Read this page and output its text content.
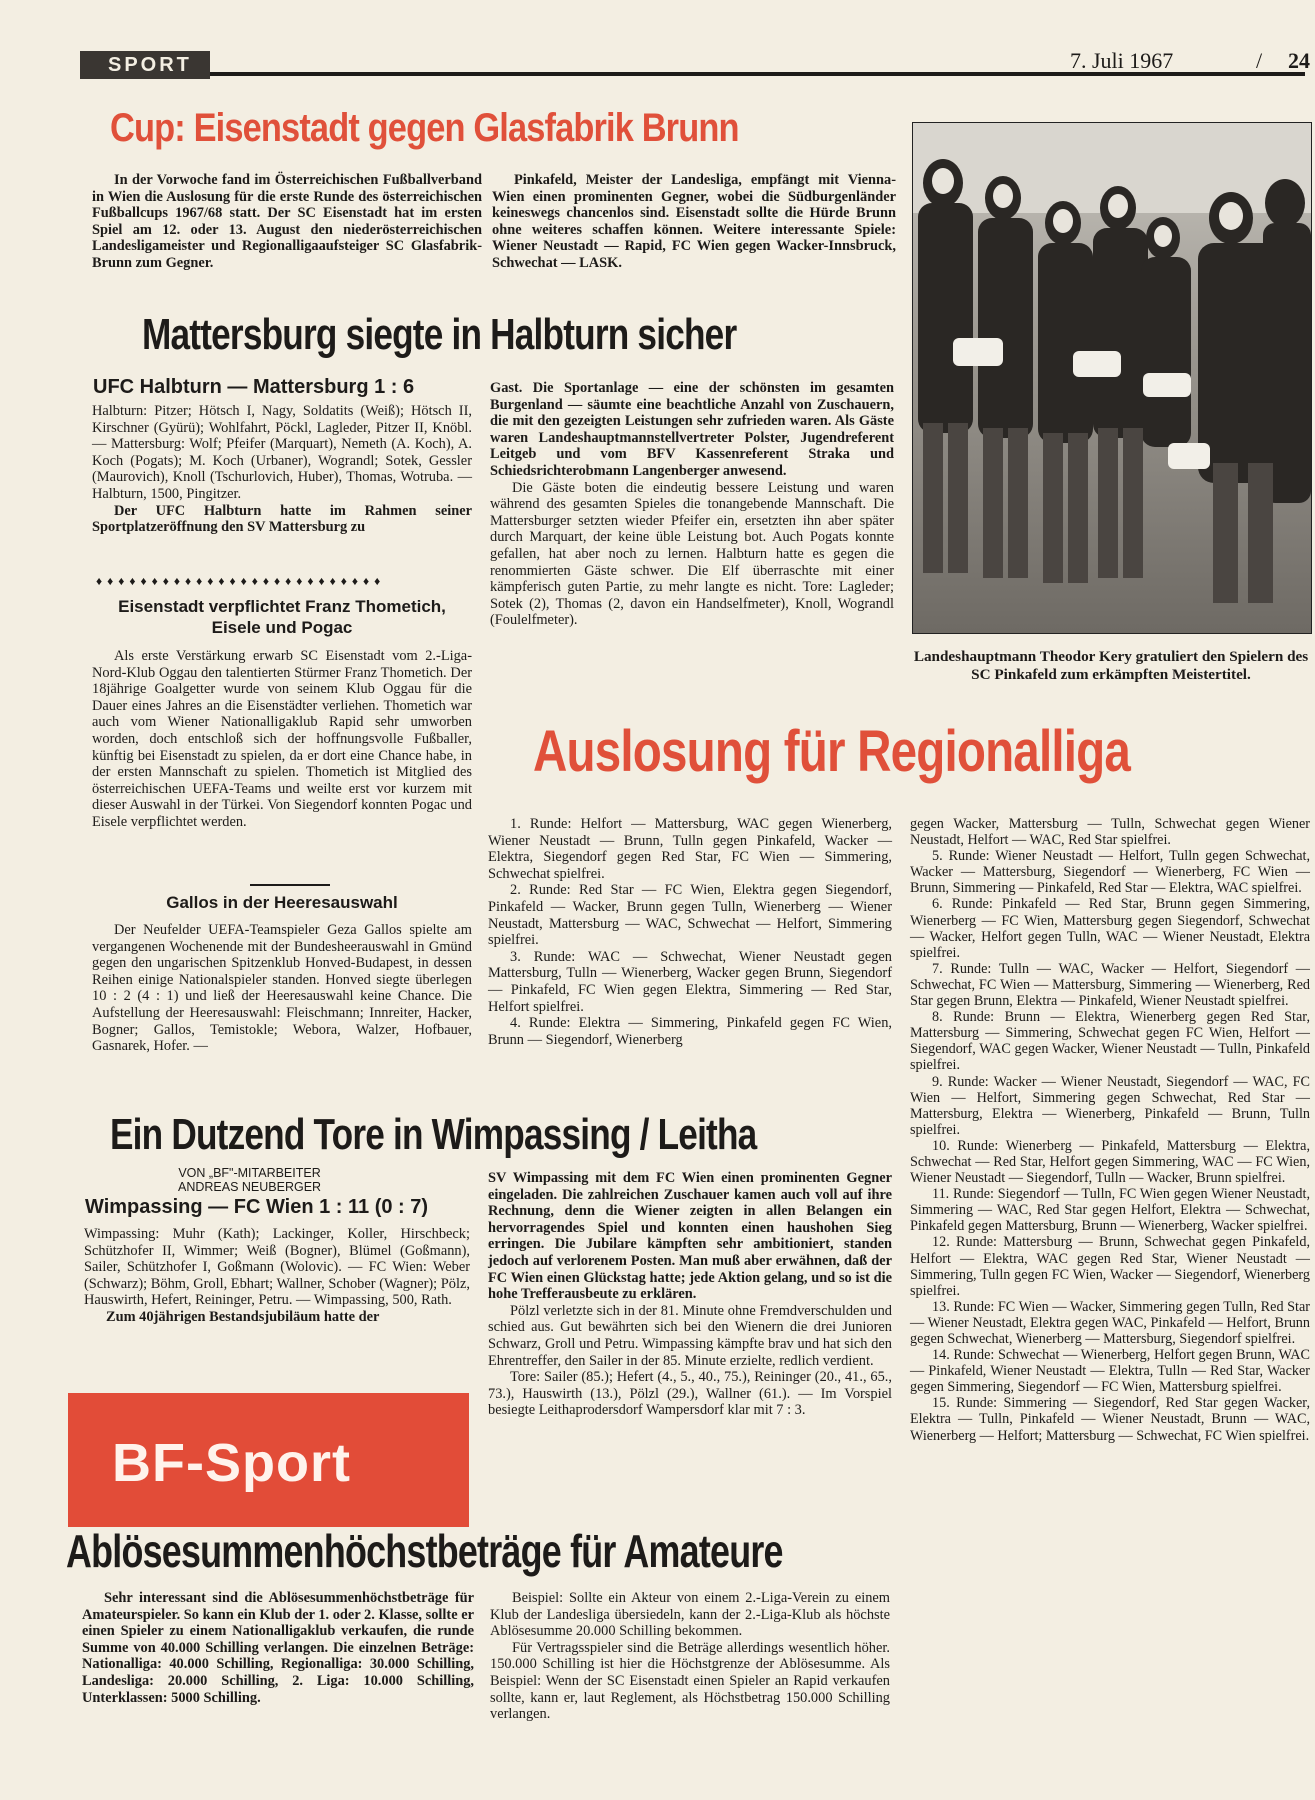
SPORT	7. Juli 1967	/ 24
Cup: Eisenstadt gegen Glasfabrik Brunn

In der Vorwoche fand im Österreichischen Fußballverband in Wien die Auslosung für die erste Runde des österreichischen Fußballcups 1967/68 statt. Der SC Eisenstadt hat im ersten Spiel am 12. oder 13. August den niederösterreichischen Landesligameister und Regionalligaaufsteiger SC Glasfabrik-Brunn zum Gegner.

Pinkafeld, Meister der Landesliga, empfängt mit Vienna-Wien einen prominenten Gegner, wobei die Südburgenländer keineswegs chancenlos sind. Eisenstadt sollte die Hürde Brunn ohne weiteres schaffen können. Weitere interessante Spiele: Wiener Neustadt — Rapid, FC Wien gegen Wacker-Innsbruck, Schwechat — LASK.

Landeshauptmann Theodor Kery gratuliert den Spielern des SC Pinkafeld zum erkämpften Meistertitel.
Mattersburg siegte in Halbturn sicher
UFC Halbturn — Mattersburg 1 : 6

Halbturn: Pitzer; Hötsch I, Nagy, Soldatits (Weiß); Hötsch II, Kirschner (Gyürü); Wohlfahrt, Pöckl, Lagleder, Pitzer II, Knöbl. — Mattersburg: Wolf; Pfeifer (Marquart), Nemeth (A. Koch), A. Koch (Pogats); M. Koch (Urbaner), Wograndl; Sotek, Gessler (Maurovich), Knoll (Tschurlovich, Huber), Thomas, Wotruba. — Halbturn, 1500, Pingitzer.

Der UFC Halbturn hatte im Rahmen seiner Sportplatzeröffnung den SV Mattersburg zu

♦♦♦♦♦♦♦♦♦♦♦♦♦♦♦♦♦♦♦♦♦♦♦♦♦♦

Gast. Die Sportanlage — eine der schönsten im gesamten Burgenland — säumte eine beachtliche Anzahl von Zuschauern, die mit den gezeigten Leistungen sehr zufrieden waren. Als Gäste waren Landeshauptmannstellvertreter Polster, Jugendreferent Leitgeb und vom BFV Kassenreferent Straka und Schiedsrichterobmann Langenberger anwesend.

Die Gäste boten die eindeutig bessere Leistung und waren während des gesamten Spieles die tonangebende Mannschaft. Die Mattersburger setzten wieder Pfeifer ein, ersetzten ihn aber später durch Marquart, der keine üble Leistung bot. Auch Pogats konnte gefallen, hat aber noch zu lernen. Halbturn hatte es gegen die renommierten Gäste schwer. Die Elf überraschte mit einer kämpferisch guten Partie, zu mehr langte es nicht. Tore: Lagleder; Sotek (2), Thomas (2, davon ein Handselfmeter), Knoll, Wograndl (Foulelfmeter).

Eisenstadt verpflichtet Franz Thometich, Eisele und Pogac

Als erste Verstärkung erwarb SC Eisenstadt vom 2.-Liga-Nord-Klub Oggau den talentierten Stürmer Franz Thometich. Der 18jährige Goalgetter wurde von seinem Klub Oggau für die Dauer eines Jahres an die Eisenstädter verliehen. Thometich war auch vom Wiener Nationalligaklub Rapid sehr umworben worden, doch entschloß sich der hoffnungsvolle Fußballer, künftig bei Eisenstadt zu spielen, da er dort eine Chance habe, in der ersten Mannschaft zu spielen. Thometich ist Mitglied des österreichischen UEFA-Teams und weilte erst vor kurzem mit dieser Auswahl in der Türkei. Von Siegendorf konnten Pogac und Eisele verpflichtet werden.

Gallos in der Heeresauswahl

Der Neufelder UEFA-Teamspieler Geza Gallos spielte am vergangenen Wochenende mit der Bundesheerauswahl in Gmünd gegen den ungarischen Spitzenklub Honved-Budapest, in dessen Reihen einige Nationalspieler standen. Honved siegte überlegen 10 : 2 (4 : 1) und ließ der Heeresauswahl keine Chance. Die Aufstellung der Heeresauswahl: Fleischmann; Innreiter, Hacker, Bogner; Gallos, Temistokle; Webora, Walzer, Hofbauer, Gasnarek, Hofer. —

Auslosung für Regionalliga

1. Runde: Helfort — Mattersburg, WAC gegen Wienerberg, Wiener Neustadt — Brunn, Tulln gegen Pinkafeld, Wacker — Elektra, Siegendorf gegen Red Star, FC Wien — Simmering, Schwechat spielfrei.

2. Runde: Red Star — FC Wien, Elektra gegen Siegendorf, Pinkafeld — Wacker, Brunn gegen Tulln, Wienerberg — Wiener Neustadt, Mattersburg — WAC, Schwechat — Helfort, Simmering spielfrei.

3. Runde: WAC — Schwechat, Wiener Neustadt gegen Mattersburg, Tulln — Wienerberg, Wacker gegen Brunn, Siegendorf — Pinkafeld, FC Wien gegen Elektra, Simmering — Red Star, Helfort spielfrei.

4. Runde: Elektra — Simmering, Pinkafeld gegen FC Wien, Brunn — Siegendorf, Wienerberg

gegen Wacker, Mattersburg — Tulln, Schwechat gegen Wiener Neustadt, Helfort — WAC, Red Star spielfrei.

5. Runde: Wiener Neustadt — Helfort, Tulln gegen Schwechat, Wacker — Mattersburg, Siegendorf — Wienerberg, FC Wien — Brunn, Simmering — Pinkafeld, Red Star — Elektra, WAC spielfrei.

6. Runde: Pinkafeld — Red Star, Brunn gegen Simmering, Wienerberg — FC Wien, Mattersburg gegen Siegendorf, Schwechat — Wacker, Helfort gegen Tulln, WAC — Wiener Neustadt, Elektra spielfrei.

7. Runde: Tulln — WAC, Wacker — Helfort, Siegendorf — Schwechat, FC Wien — Mattersburg, Simmering — Wienerberg, Red Star gegen Brunn, Elektra — Pinkafeld, Wiener Neustadt spielfrei.

8. Runde: Brunn — Elektra, Wienerberg gegen Red Star, Mattersburg — Simmering, Schwechat gegen FC Wien, Helfort — Siegendorf, WAC gegen Wacker, Wiener Neustadt — Tulln, Pinkafeld spielfrei.

9. Runde: Wacker — Wiener Neustadt, Siegendorf — WAC, FC Wien — Helfort, Simmering gegen Schwechat, Red Star — Mattersburg, Elektra — Wienerberg, Pinkafeld — Brunn, Tulln spielfrei.

10. Runde: Wienerberg — Pinkafeld, Mattersburg — Elektra, Schwechat — Red Star, Helfort gegen Simmering, WAC — FC Wien, Wiener Neustadt — Siegendorf, Tulln — Wacker, Brunn spielfrei.

11. Runde: Siegendorf — Tulln, FC Wien gegen Wiener Neustadt, Simmering — WAC, Red Star gegen Helfort, Elektra — Schwechat, Pinkafeld gegen Mattersburg, Brunn — Wienerberg, Wacker spielfrei.

12. Runde: Mattersburg — Brunn, Schwechat gegen Pinkafeld, Helfort — Elektra, WAC gegen Red Star, Wiener Neustadt — Simmering, Tulln gegen FC Wien, Wacker — Siegendorf, Wienerberg spielfrei.

13. Runde: FC Wien — Wacker, Simmering gegen Tulln, Red Star — Wiener Neustadt, Elektra gegen WAC, Pinkafeld — Helfort, Brunn gegen Schwechat, Wienerberg — Mattersburg, Siegendorf spielfrei.

14. Runde: Schwechat — Wienerberg, Helfort gegen Brunn, WAC — Pinkafeld, Wiener Neustadt — Elektra, Tulln — Red Star, Wacker gegen Simmering, Siegendorf — FC Wien, Mattersburg spielfrei.

15. Runde: Simmering — Siegendorf, Red Star gegen Wacker, Elektra — Tulln, Pinkafeld — Wiener Neustadt, Brunn — WAC, Wienerberg — Helfort; Mattersburg — Schwechat, FC Wien spielfrei.

Ein Dutzend Tore in Wimpassing / Leitha
VON „BF"-MITARBEITER
ANDREAS NEUBERGER
Wimpassing — FC Wien 1 : 11 (0 : 7)

Wimpassing: Muhr (Kath); Lackinger, Koller, Hirschbeck; Schützhofer II, Wimmer; Weiß (Bogner), Blümel (Goßmann), Sailer, Schützhofer I, Goßmann (Wolovic). — FC Wien: Weber (Schwarz); Böhm, Groll, Ebhart; Wallner, Schober (Wagner); Pölz, Hauswirth, Hefert, Reininger, Petru. — Wimpassing, 500, Rath.

Zum 40jährigen Bestandsjubiläum hatte der

SV Wimpassing mit dem FC Wien einen prominenten Gegner eingeladen. Die zahlreichen Zuschauer kamen auch voll auf ihre Rechnung, denn die Wiener zeigten in allen Belangen ein hervorragendes Spiel und konnten einen haushohen Sieg erringen. Die Jubilare kämpften sehr ambitioniert, standen jedoch auf verlorenem Posten. Man muß aber erwähnen, daß der FC Wien einen Glückstag hatte; jede Aktion gelang, und so ist die hohe Trefferausbeute zu erklären.

Pölzl verletzte sich in der 81. Minute ohne Fremdverschulden und schied aus. Gut bewährten sich bei den Wienern die drei Junioren Schwarz, Groll und Petru. Wimpassing kämpfte brav und hat sich den Ehrentreffer, den Sailer in der 85. Minute erzielte, redlich verdient.

Tore: Sailer (85.); Hefert (4., 5., 40., 75.), Reininger (20., 41., 65., 73.), Hauswirth (13.), Pölzl (29.), Wallner (61.). — Im Vorspiel besiegte Leithaprodersdorf Wampersdorf klar mit 7 : 3.

BF-Sport
Ablösesummenhöchstbeträge für Amateure

Sehr interessant sind die Ablösesummenhöchstbeträge für Amateurspieler. So kann ein Klub der 1. oder 2. Klasse, sollte er einen Spieler zu einem Nationalligaklub verkaufen, die runde Summe von 40.000 Schilling verlangen. Die einzelnen Beträge: Nationalliga: 40.000 Schilling, Regionalliga: 30.000 Schilling, Landesliga: 20.000 Schilling, 2. Liga: 10.000 Schilling, Unterklassen: 5000 Schilling.

Beispiel: Sollte ein Akteur von einem 2.-Liga-Verein zu einem Klub der Landesliga übersiedeln, kann der 2.-Liga-Klub als höchste Ablösesumme 20.000 Schilling bekommen.

Für Vertragsspieler sind die Beträge allerdings wesentlich höher. 150.000 Schilling ist hier die Höchstgrenze der Ablösesumme. Als Beispiel: Wenn der SC Eisenstadt einen Spieler an Rapid verkaufen sollte, kann er, laut Reglement, als Höchstbetrag 150.000 Schilling verlangen.
